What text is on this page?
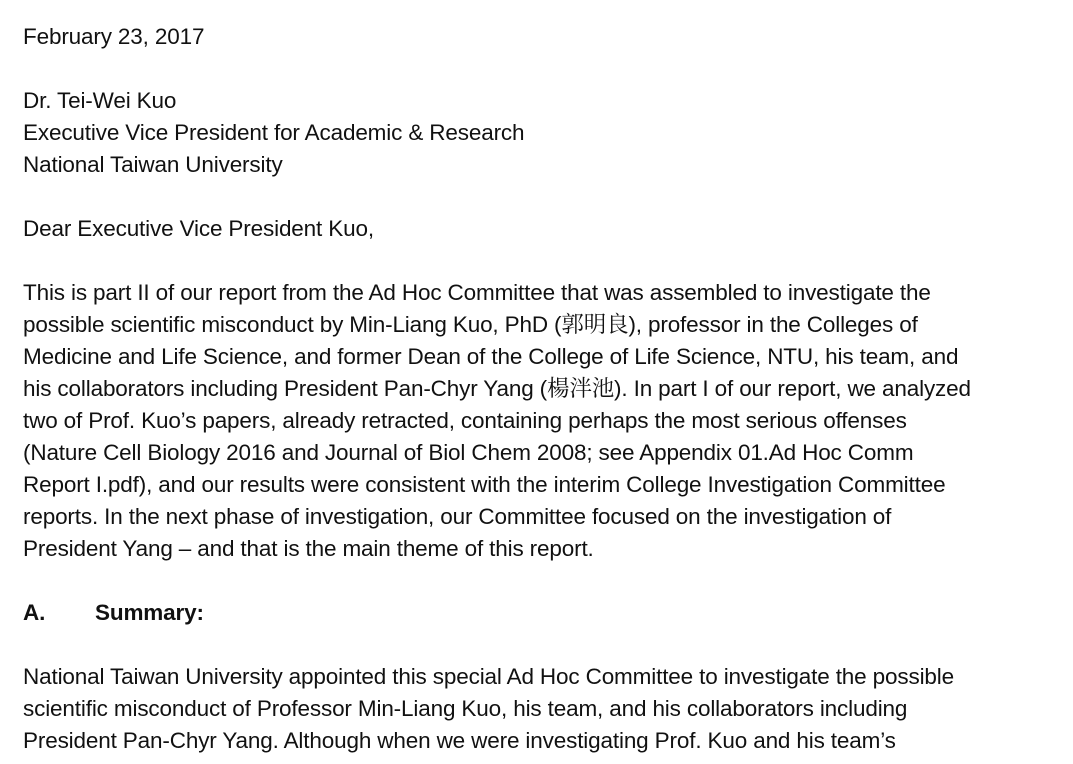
February 23, 2017
Dr. Tei-Wei Kuo
Executive Vice President for Academic & Research
National Taiwan University
Dear Executive Vice President Kuo,
This is part II of our report from the Ad Hoc Committee that was assembled to investigate the
possible scientific misconduct by Min-Liang Kuo, PhD (郭明良), professor in the Colleges of
Medicine and Life Science, and former Dean of the College of Life Science, NTU, his team, and
his collaborators including President Pan-Chyr Yang (楊泮池). In part I of our report, we analyzed
two of Prof. Kuo’s papers, already retracted, containing perhaps the most serious offenses
(Nature Cell Biology 2016 and Journal of Biol Chem 2008; see Appendix 01.Ad Hoc Comm
Report I.pdf), and our results were consistent with the interim College Investigation Committee
reports. In the next phase of investigation, our Committee focused on the investigation of
President Yang – and that is the main theme of this report.
A.	Summary:
National Taiwan University appointed this special Ad Hoc Committee to investigate the possible
scientific misconduct of Professor Min-Liang Kuo, his team, and his collaborators including
President Pan-Chyr Yang. Although when we were investigating Prof. Kuo and his team’s
